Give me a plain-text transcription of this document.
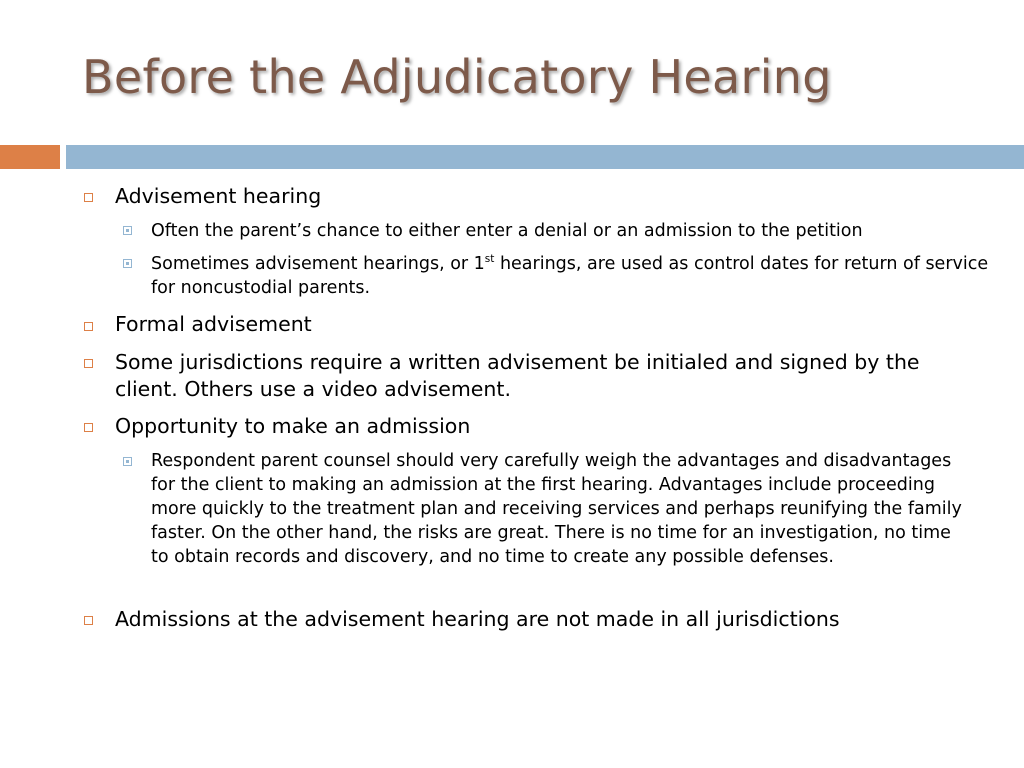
Before the Adjudicatory Hearing
Advisement hearing
Often the parent’s chance to either enter a denial or an admission to the petition
Sometimes advisement hearings, or 1st hearings, are used as control dates for return of service for noncustodial parents.
Formal advisement
Some jurisdictions require a written advisement be initialed and signed by the client. Others use a video advisement.
Opportunity to make an admission
Respondent parent counsel should very carefully weigh the advantages and disadvantages for the client to making an admission at the first hearing. Advantages include proceeding more quickly to the treatment plan and receiving services and perhaps reunifying the family faster. On the other hand, the risks are great. There is no time for an investigation, no time to obtain records and discovery, and no time to create any possible defenses.
Admissions at the advisement hearing are not made in all jurisdictions
